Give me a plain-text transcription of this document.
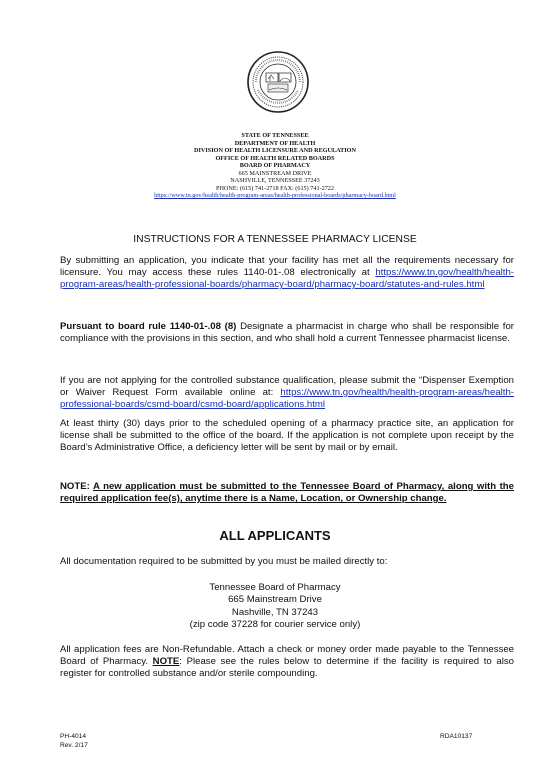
STATE OF TENNESSEE
DEPARTMENT OF HEALTH
DIVISION OF HEALTH LICENSURE AND REGULATION
OFFICE OF HEALTH RELATED BOARDS
BOARD OF PHARMACY
665 MAINSTREAM DRIVE
NASHVILLE, TENNESSEE 37243
PHONE: (615) 741-2718 FAX: (615) 741-2722
https://www.tn.gov/health/health-program-areas/health-professional-boards/pharmacy-board.html
INSTRUCTIONS FOR A TENNESSEE PHARMACY LICENSE
By submitting an application, you indicate that your facility has met all the requirements necessary for licensure. You may access these rules 1140-01-.08 electronically at https://www.tn.gov/health/health-program-areas/health-professional-boards/pharmacy-board/pharmacy-board/statutes-and-rules.html
Pursuant to board rule 1140-01-.08 (8) Designate a pharmacist in charge who shall be responsible for compliance with the provisions in this section, and who shall hold a current Tennessee pharmacist license.
If you are not applying for the controlled substance qualification, please submit the “Dispenser Exemption or Waiver Request Form available online at: https://www.tn.gov/health/health-program-areas/health-professional-boards/csmd-board/csmd-board/applications.html
At least thirty (30) days prior to the scheduled opening of a pharmacy practice site, an application for license shall be submitted to the office of the board. If the application is not complete upon receipt by the Board’s Administrative Office, a deficiency letter will be sent by mail or by email.
NOTE: A new application must be submitted to the Tennessee Board of Pharmacy, along with the required application fee(s), anytime there is a Name, Location, or Ownership change.
ALL APPLICANTS
All documentation required to be submitted by you must be mailed directly to:
Tennessee Board of Pharmacy
665 Mainstream Drive
Nashville, TN 37243
(zip code 37228 for courier service only)
All application fees are Non-Refundable. Attach a check or money order made payable to the Tennessee Board of Pharmacy. NOTE: Please see the rules below to determine if the facility is required to also register for controlled substance and/or sterile compounding.
PH-4014
Rev. 2/17
RDA10137
